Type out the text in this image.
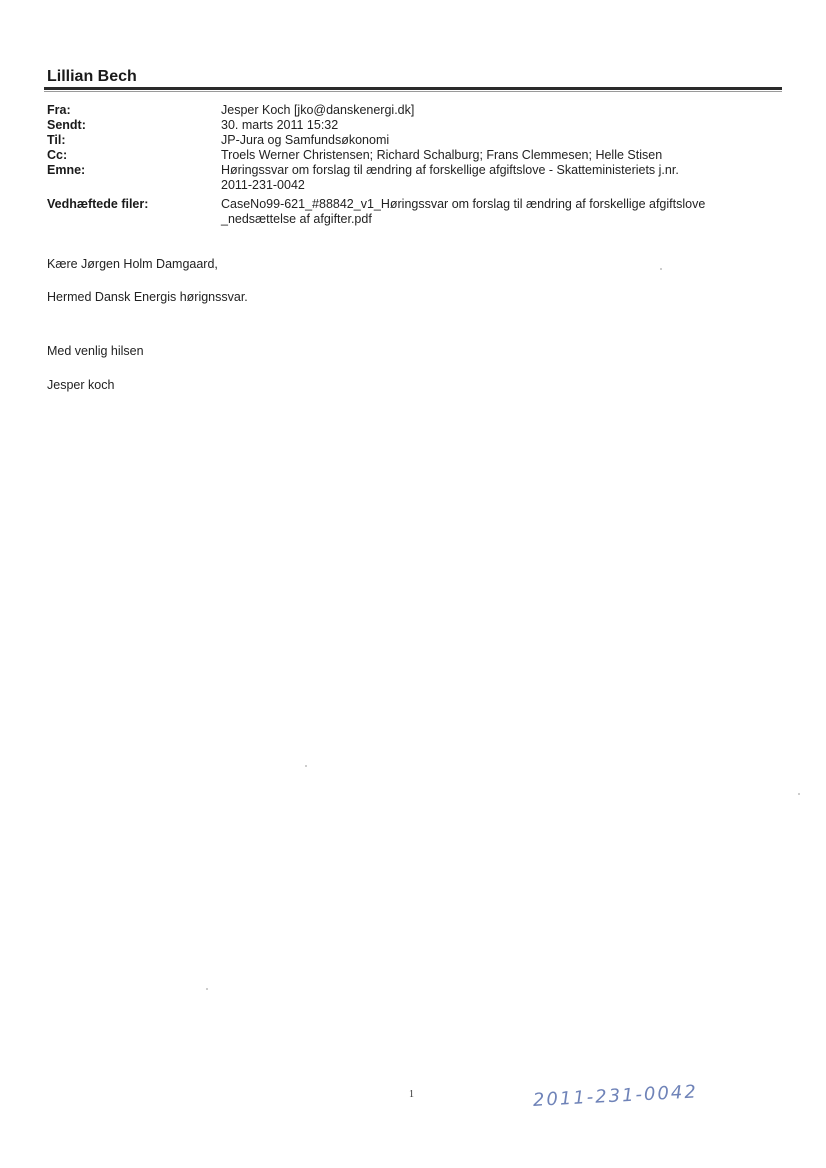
Lillian Bech
Fra:	Jesper Koch [jko@danskenergi.dk]
Sendt:	30. marts 2011 15:32
Til:	JP-Jura og Samfundsøkonomi
Cc:	Troels Werner Christensen; Richard Schalburg; Frans Clemmesen; Helle Stisen
Emne:	Høringssvar om forslag til ændring af forskellige afgiftslove - Skatteministeriets j.nr.
2011-231-0042
Vedhæftede filer:	CaseNo99-621_#88842_v1_Høringssvar om forslag til ændring af forskellige afgiftslove
_nedsættelse af afgifter.pdf
Kære Jørgen Holm Damgaard,
Hermed Dansk Energis hørignssvar.
Med venlig hilsen
Jesper koch
1	2011-231-0042
